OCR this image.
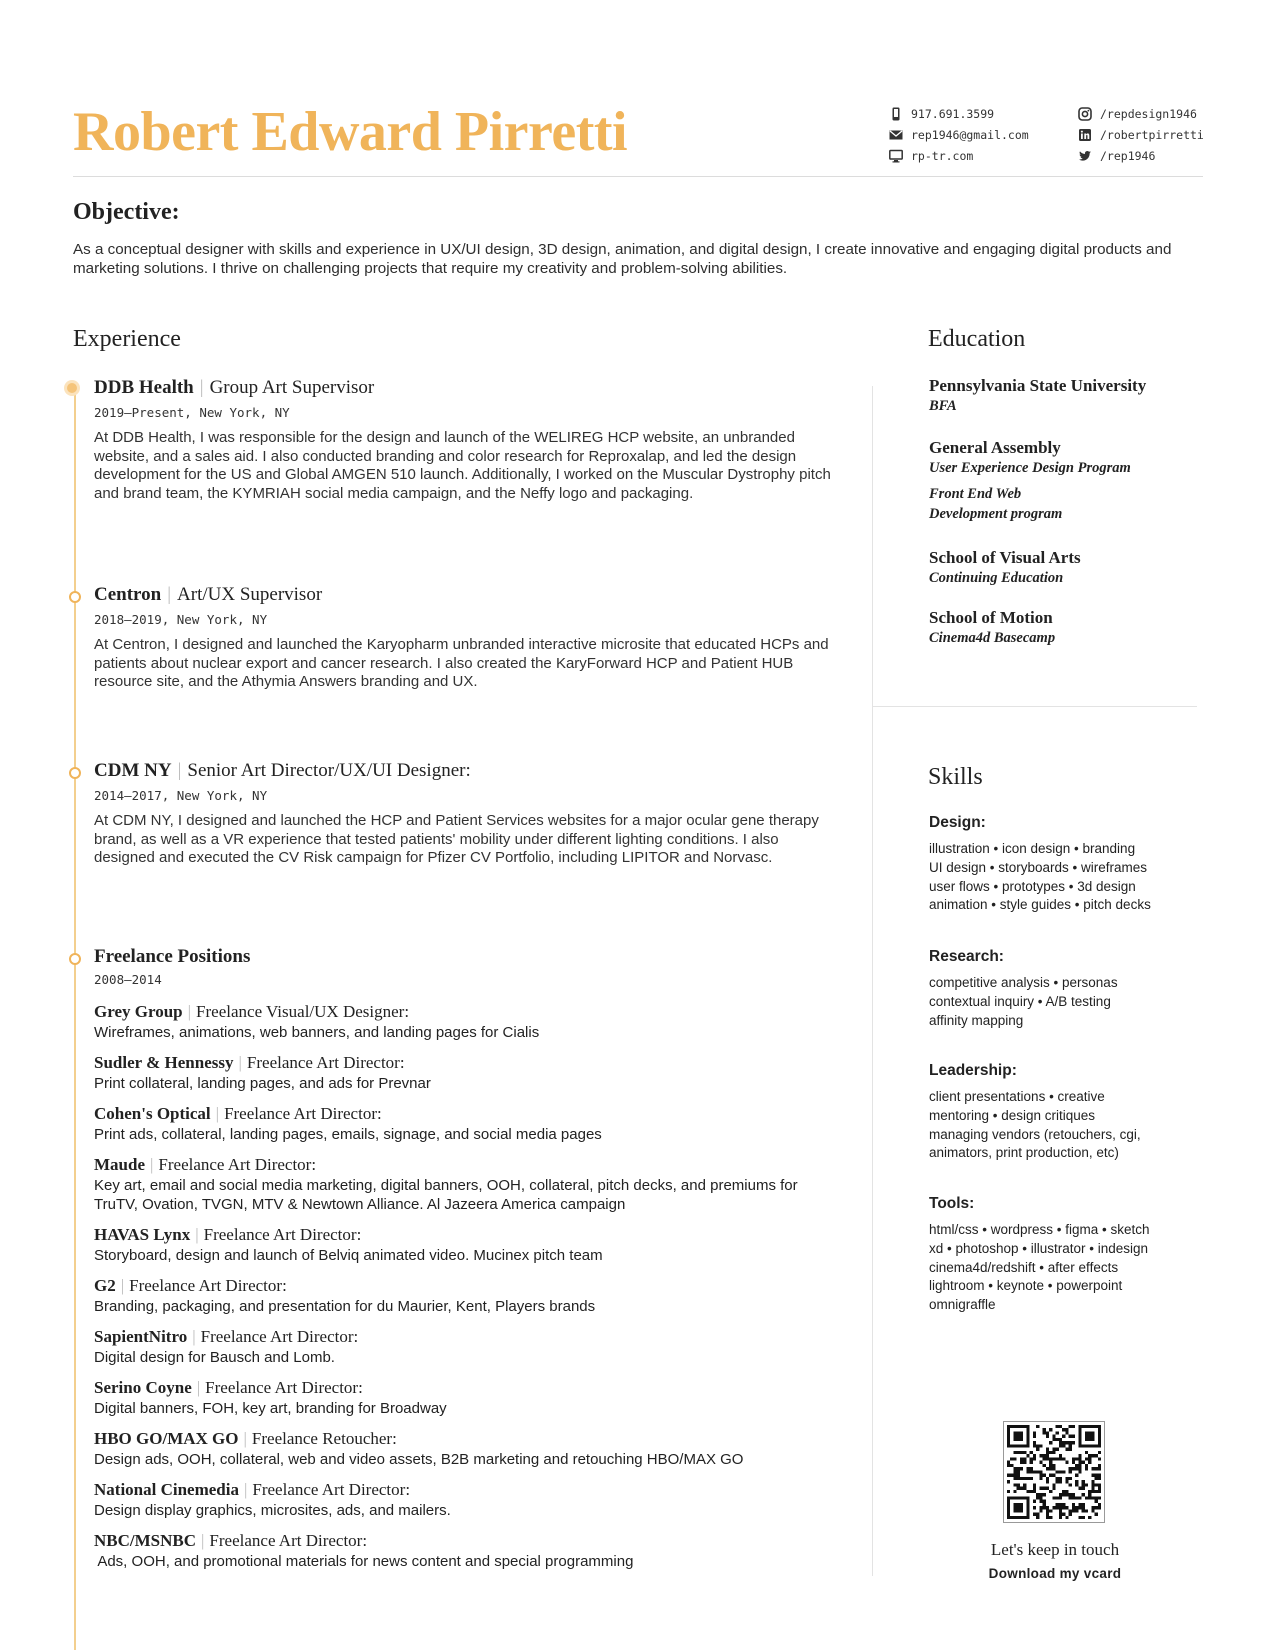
Robert Edward Pirretti	917.691.3599
rep1946@gmail.com
rp-tr.com
/repdesign1946
/robertpirretti
/rep1946
Objective:
As a conceptual designer with skills and experience in UX/UI design, 3D design, animation, and digital design, I create innovative and engaging digital products and marketing solutions. I thrive on challenging projects that require my creativity and problem-solving abilities.
Experience
DDB Health | Group Art Supervisor
2019–Present, New York, NY
At DDB Health, I was responsible for the design and launch of the WELIREG HCP website, an unbranded website, and a sales aid. I also conducted branding and color research for Reproxalap, and led the design development for the US and Global AMGEN 510 launch. Additionally, I worked on the Muscular Dystrophy pitch and brand team, the KYMRIAH social media campaign, and the Neffy logo and packaging.
Centron | Art/UX Supervisor
2018–2019, New York, NY
At Centron, I designed and launched the Karyopharm unbranded interactive microsite that educated HCPs and patients about nuclear export and cancer research. I also created the KaryForward HCP and Patient HUB resource site, and the Athymia Answers branding and UX.
CDM NY | Senior Art Director/UX/UI Designer:
2014–2017, New York, NY
At CDM NY, I designed and launched the HCP and Patient Services websites for a major ocular gene therapy brand, as well as a VR experience that tested patients' mobility under different lighting conditions. I also designed and executed the CV Risk campaign for Pfizer CV Portfolio, including LIPITOR and Norvasc.
Freelance Positions
2008–2014
Grey Group | Freelance Visual/UX Designer:
Wireframes, animations, web banners, and landing pages for Cialis
Sudler & Hennessy | Freelance Art Director:
Print collateral, landing pages, and ads for Prevnar
Cohen's Optical | Freelance Art Director:
Print ads, collateral, landing pages, emails, signage, and social media pages
Maude | Freelance Art Director:
Key art, email and social media marketing, digital banners, OOH, collateral, pitch decks, and premiums for TruTV, Ovation, TVGN, MTV & Newtown Alliance. Al Jazeera America campaign
HAVAS Lynx | Freelance Art Director:
Storyboard, design and launch of Belviq animated video. Mucinex pitch team
G2 | Freelance Art Director:
Branding, packaging, and presentation for du Maurier, Kent, Players brands
SapientNitro | Freelance Art Director:
Digital design for Bausch and Lomb.
Serino Coyne | Freelance Art Director:
Digital banners, FOH, key art, branding for Broadway
HBO GO/MAX GO | Freelance Retoucher:
Design ads, OOH, collateral, web and video assets, B2B marketing and retouching HBO/MAX GO
National Cinemedia | Freelance Art Director:
Design display graphics, microsites, ads, and mailers.
NBC/MSNBC | Freelance Art Director:
Ads, OOH, and promotional materials for news content and special programming
Education
Pennsylvania State University
BFA
General Assembly
User Experience Design Program
Front End Web Development program
School of Visual Arts
Continuing Education
School of Motion
Cinema4d Basecamp
Skills
Design:
illustration • icon design • branding
UI design • storyboards • wireframes
user flows • prototypes • 3d design
animation • style guides • pitch decks
Research:
competitive analysis • personas
contextual inquiry • A/B testing
affinity mapping
Leadership:
client presentations • creative
mentoring • design critiques
managing vendors (retouchers, cgi,
animators, print production, etc)
Tools:
html/css • wordpress • figma • sketch
xd • photoshop • illustrator • indesign
cinema4d/redshift • after effects
lightroom • keynote • powerpoint
omnigraffle
Let's keep in touch
Download my vcard
